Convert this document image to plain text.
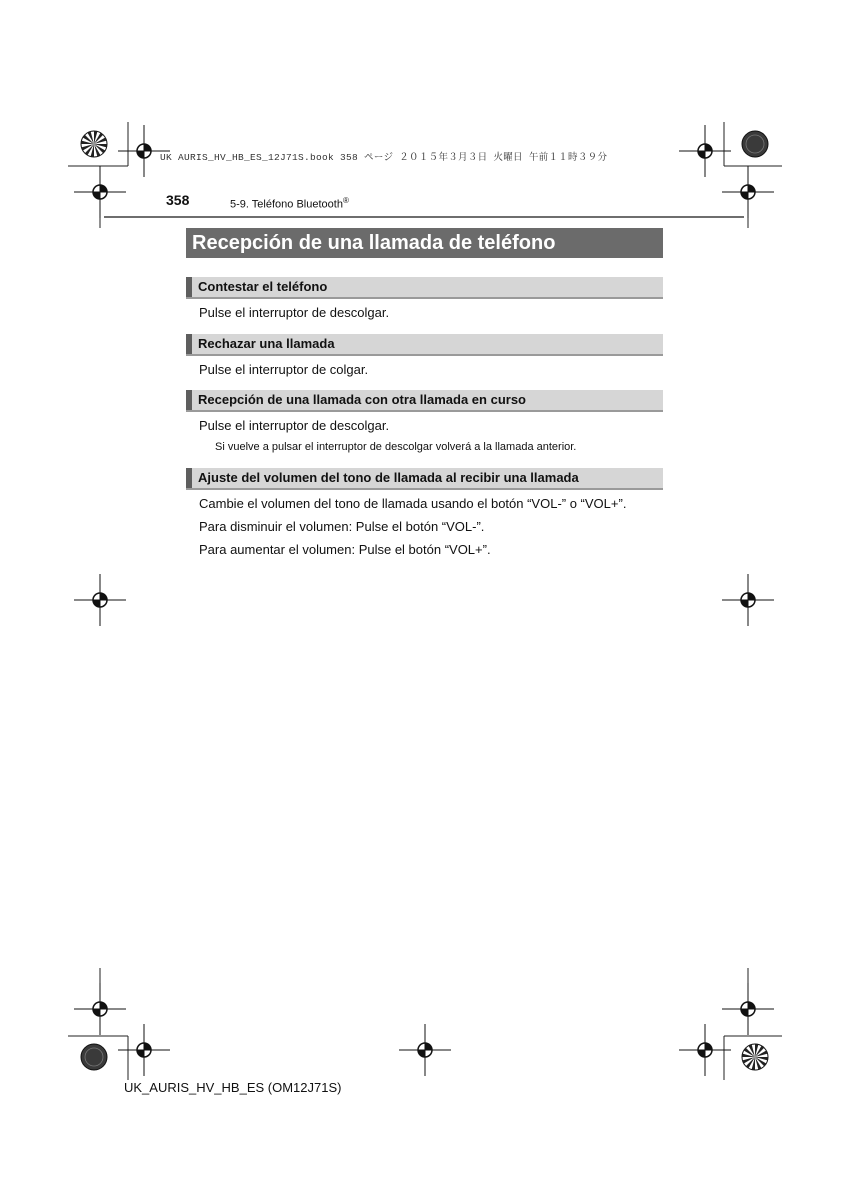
UK AURIS_HV_HB_ES_12J71S.book 358 ページ ２０１５年３月３日 火曜日 午前１１時３９分
358	5-9. Teléfono Bluetooth®
Recepción de una llamada de teléfono
Contestar el teléfono
Pulse el interruptor de descolgar.
Rechazar una llamada
Pulse el interruptor de colgar.
Recepción de una llamada con otra llamada en curso
Pulse el interruptor de descolgar.
Si vuelve a pulsar el interruptor de descolgar volverá a la llamada anterior.
Ajuste del volumen del tono de llamada al recibir una llamada
Cambie el volumen del tono de llamada usando el botón “VOL-” o “VOL+”.
Para disminuir el volumen: Pulse el botón “VOL-”.
Para aumentar el volumen: Pulse el botón “VOL+”.
UK_AURIS_HV_HB_ES (OM12J71S)
